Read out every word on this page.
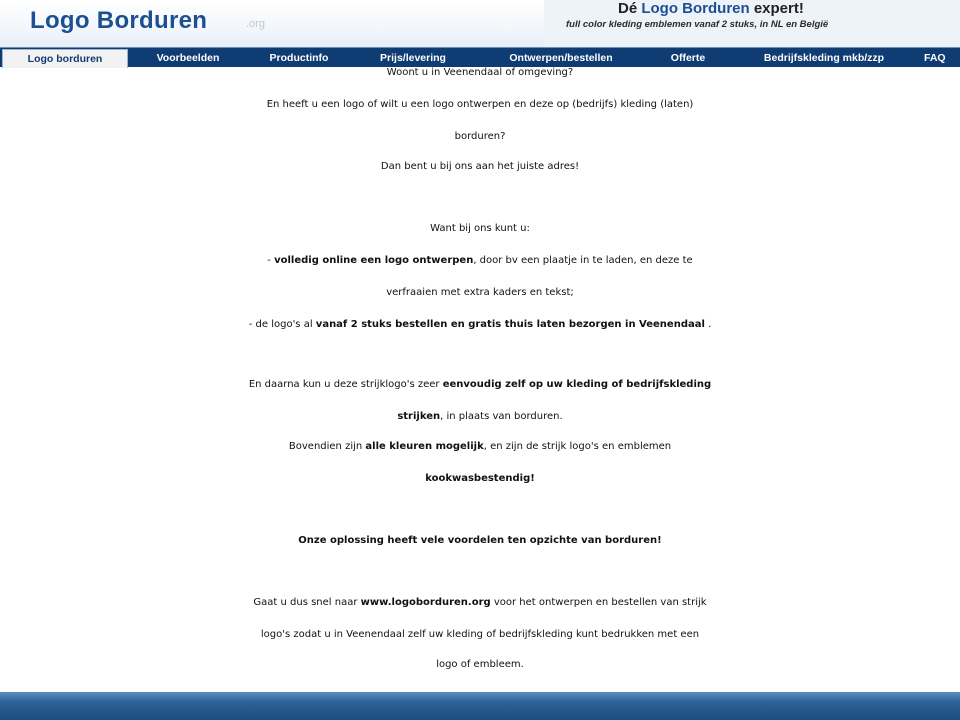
Logo Borduren	.org
Dé Logo Borduren expert!
full color kleding emblemen vanaf 2 stuks, in NL en België
Logo borduren	Voorbeelden	Productinfo	Prijs/levering	Ontwerpen/bestellen	Offerte	Bedrijfskleding mkb/zzp	FAQ
Woont u in Veenendaal of omgeving?
En heeft u een logo of wilt u een logo ontwerpen en deze op (bedrijfs) kleding (laten)
borduren?
Dan bent u bij ons aan het juiste adres!
Want bij ons kunt u:
- volledig online een logo ontwerpen, door bv een plaatje in te laden, en deze te
verfraaien met extra kaders en tekst;
- de logo's al vanaf 2 stuks bestellen en gratis thuis laten bezorgen in Veenendaal .
En daarna kun u deze strijklogo's zeer eenvoudig zelf op uw kleding of bedrijfskleding
strijken, in plaats van borduren.
Bovendien zijn alle kleuren mogelijk, en zijn de strijk logo's en emblemen
kookwasbestendig!
Onze oplossing heeft vele voordelen ten opzichte van borduren!
Gaat u dus snel naar www.logoborduren.org voor het ontwerpen en bestellen van strijk
logo's zodat u in Veenendaal zelf uw kleding of bedrijfskleding kunt bedrukken met een
logo of embleem.
